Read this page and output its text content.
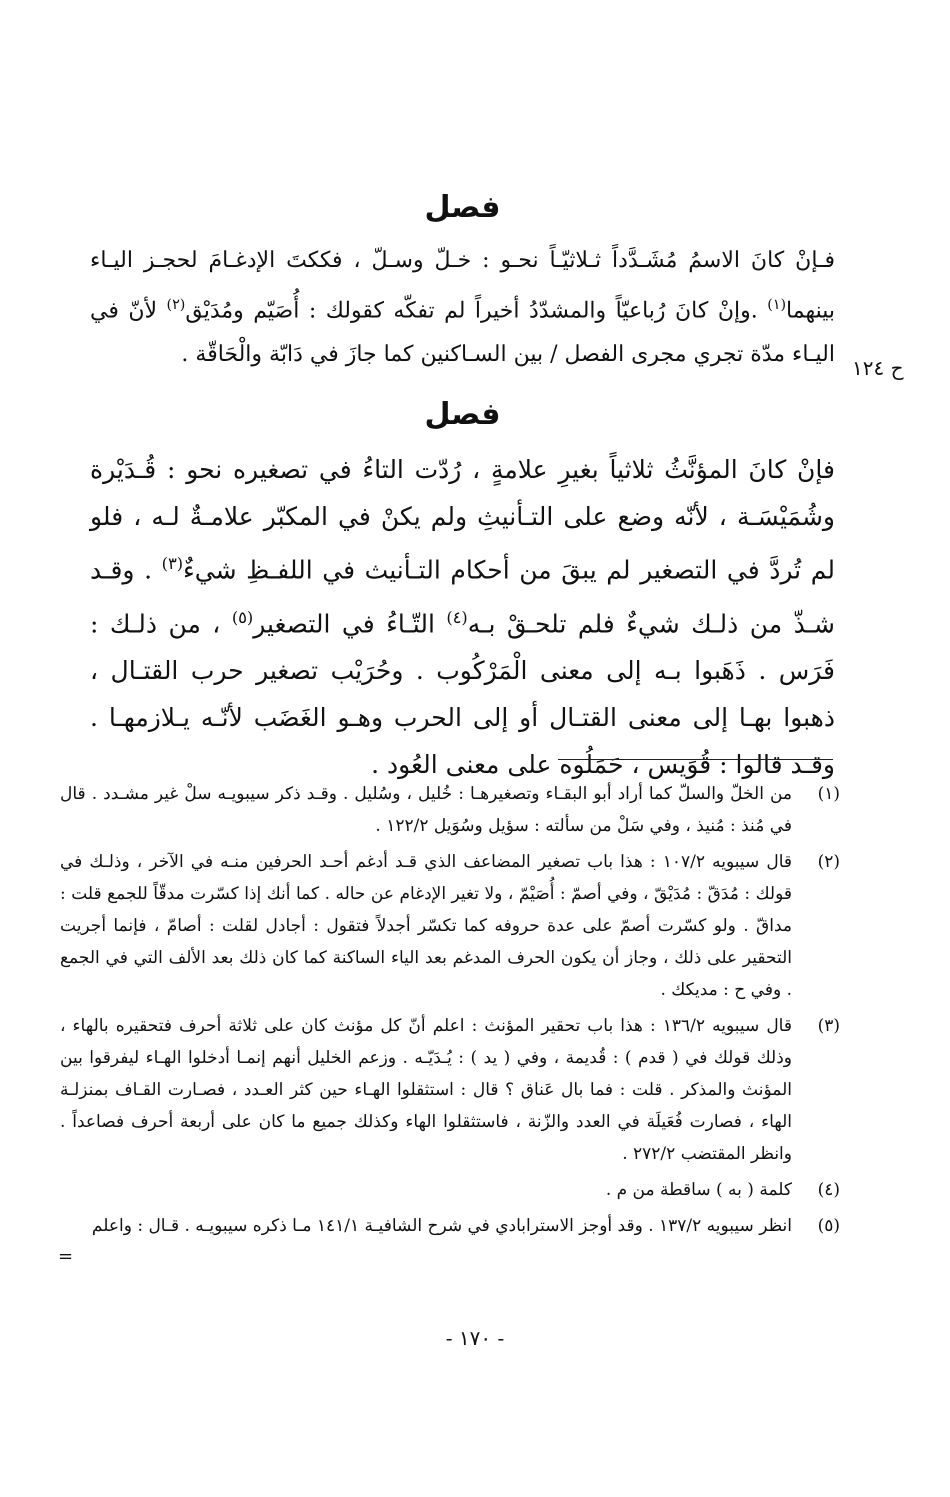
فصل

فـإنْ كانَ الاسمُ مُشَـدَّداً ثـلاثيّـاً نحـو : خـلّ وسـلّ ، فككتَ الإدغـامَ لحجـز اليـاء بينهما$^{(١)}$ .وإنْ كانَ رُباعيّاً والمشدّدُ أخيراً لم تفكّه كقولك : أُصَيّم ومُدَيْق$^{(٢)}$ لأنّ في اليـاء مدّة تجري مجرى الفصل / بين السـاكنين كما جازَ في دَابّة والْحَاقّة .

فصل

فإنْ كانَ المؤنَّثُ ثلاثياً بغيرِ علامةٍ ، رُدّت التاءُ في تصغيره نحو : قُـدَيْرة وشُمَيْسَـة ، لأنّه وضع على التـأنيثِ ولم يكنْ في المكبّر علامـةٌ لـه ، فلو لم تُردَّ في التصغير لم يبقَ من أحكام التـأنيث في اللفـظِ شيءٌ$^{(٣)}$ . وقـد شـذّ من ذلـك شيءٌ فلم تلحـقْ بـه$^{(٤)}$ التّـاءُ في التصغير$^{(٥)}$ ، من ذلـك : فَرَس . ذَهَبوا بـه إلى معنى الْمَرْكُوب . وحُرَيْب تصغير حرب القتـال ، ذهبوا بهـا إلى معنى القتـال أو إلى الحرب وهـو الغَضَب لأنّـه يـلازمهـا . وقـد قالوا : قُوَيس ، حَمَلُوه على معنى العُود .

ح ١٢٤
(١)
من الخلّ والسلّ كما أراد أبو البقـاء وتصغيرهـا : خُليل ، وسُليل . وقـد ذكر سيبويـه سلْ غير مشـدد . قال في مُنذ : مُنيذ ، وفي سَلْ من سألته : سؤيل وسُوَيل ١٢٢/٢ .
(٢)
قال سيبويه ١٠٧/٢ : هذا باب تصغير المضاعف الذي قـد أدغم أحـد الحرفين منـه في الآخر ، وذلـك في قولك : مُدَقّ : مُدَيْقّ ، وفي أصمّ : أُصَيْمّ ، ولا تغير الإدغام عن حاله . كما أنك إذا كسّرت مدقّاً للجمع قلت : مداقّ . ولو كسّرت أصمّ على عدة حروفه كما تكسّر أجدلاً فتقول : أجادل لقلت : أصامّ ، فإنما أجريت التحقير على ذلك ، وجاز أن يكون الحرف المدغم بعد الياء الساكنة كما كان ذلك بعد الألف التي في الجمع . وفي ح : مديكك .
(٣)
قال سيبويه ١٣٦/٢ : هذا باب تحقير المؤنث : اعلم أنّ كل مؤنث كان على ثلاثة أحرف فتحقيره بالهاء ، وذلك قولك في ( قدم ) : قُديمة ، وفي ( يد ) : يُـدَيّـه . وزعم الخليل أنهم إنمـا أدخلوا الهـاء ليفرقوا بين المؤنث والمذكر . قلت : فما بال عَناق ؟ قال : استثقلوا الهـاء حين كثر العـدد ، فصـارت القـاف بمنزلـة الهاء ، فصارت فُعَيلَة في العدد والزّنة ، فاستثقلوا الهاء وكذلك جميع ما كان على أربعة أحرف فصاعداً . وانظر المقتضب ٢٧٢/٢ .
(٤)
كلمة ( به ) ساقطة من م .
(٥)
انظر سيبويه ١٣٧/٢ . وقد أوجز الاسترابادي في شرح الشافيـة ١٤١/١ مـا ذكره سيبويـه . قـال : واعلم
=
- ١٧٠ -
